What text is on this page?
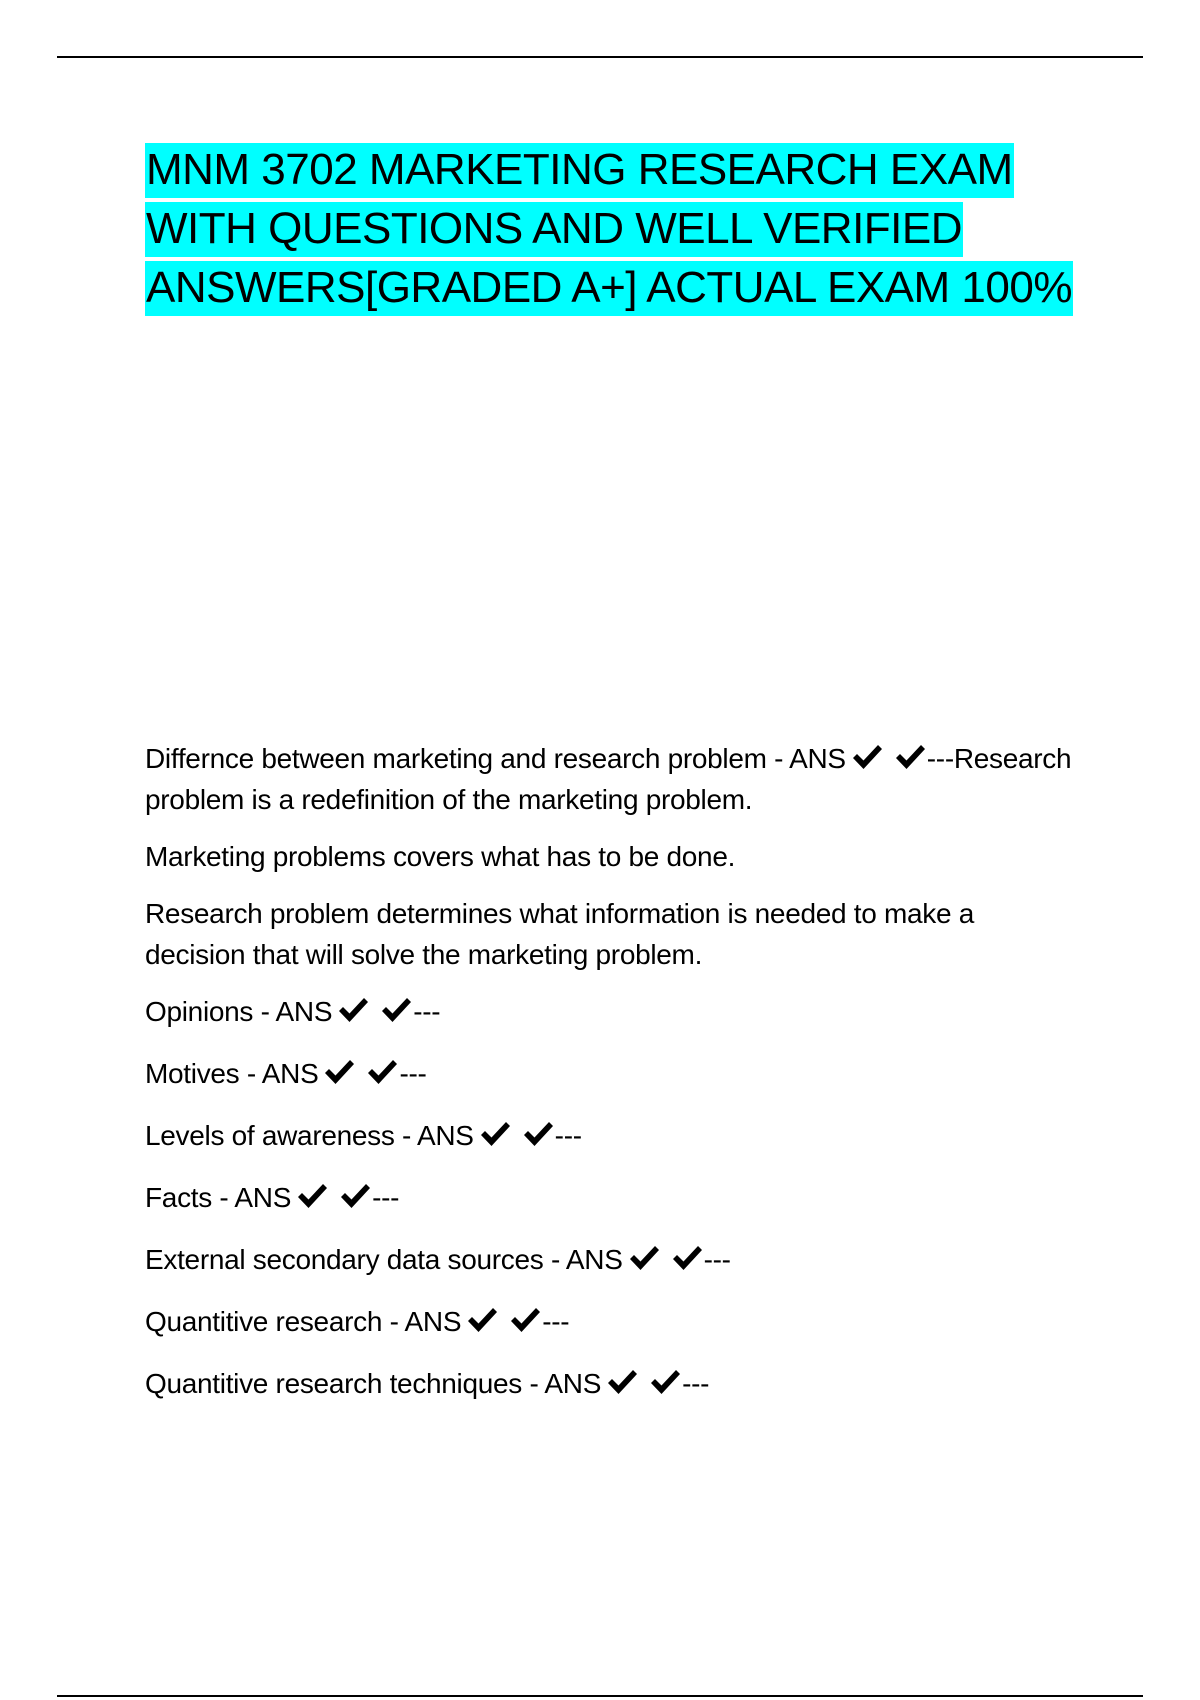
MNM 3702 MARKETING RESEARCH EXAM WITH QUESTIONS AND WELL VERIFIED ANSWERS[GRADED A+] ACTUAL EXAM 100%

Differnce between marketing and research problem - ANS	---Research problem is a redefinition of the marketing problem.

Marketing problems covers what has to be done.

Research problem determines what information is needed to make a decision that will solve the marketing problem.

Opinions - ANS	---

Motives - ANS	---

Levels of awareness - ANS	---

Facts - ANS	---

External secondary data sources - ANS	---

Quantitive research - ANS	---

Quantitive research techniques - ANS	---
